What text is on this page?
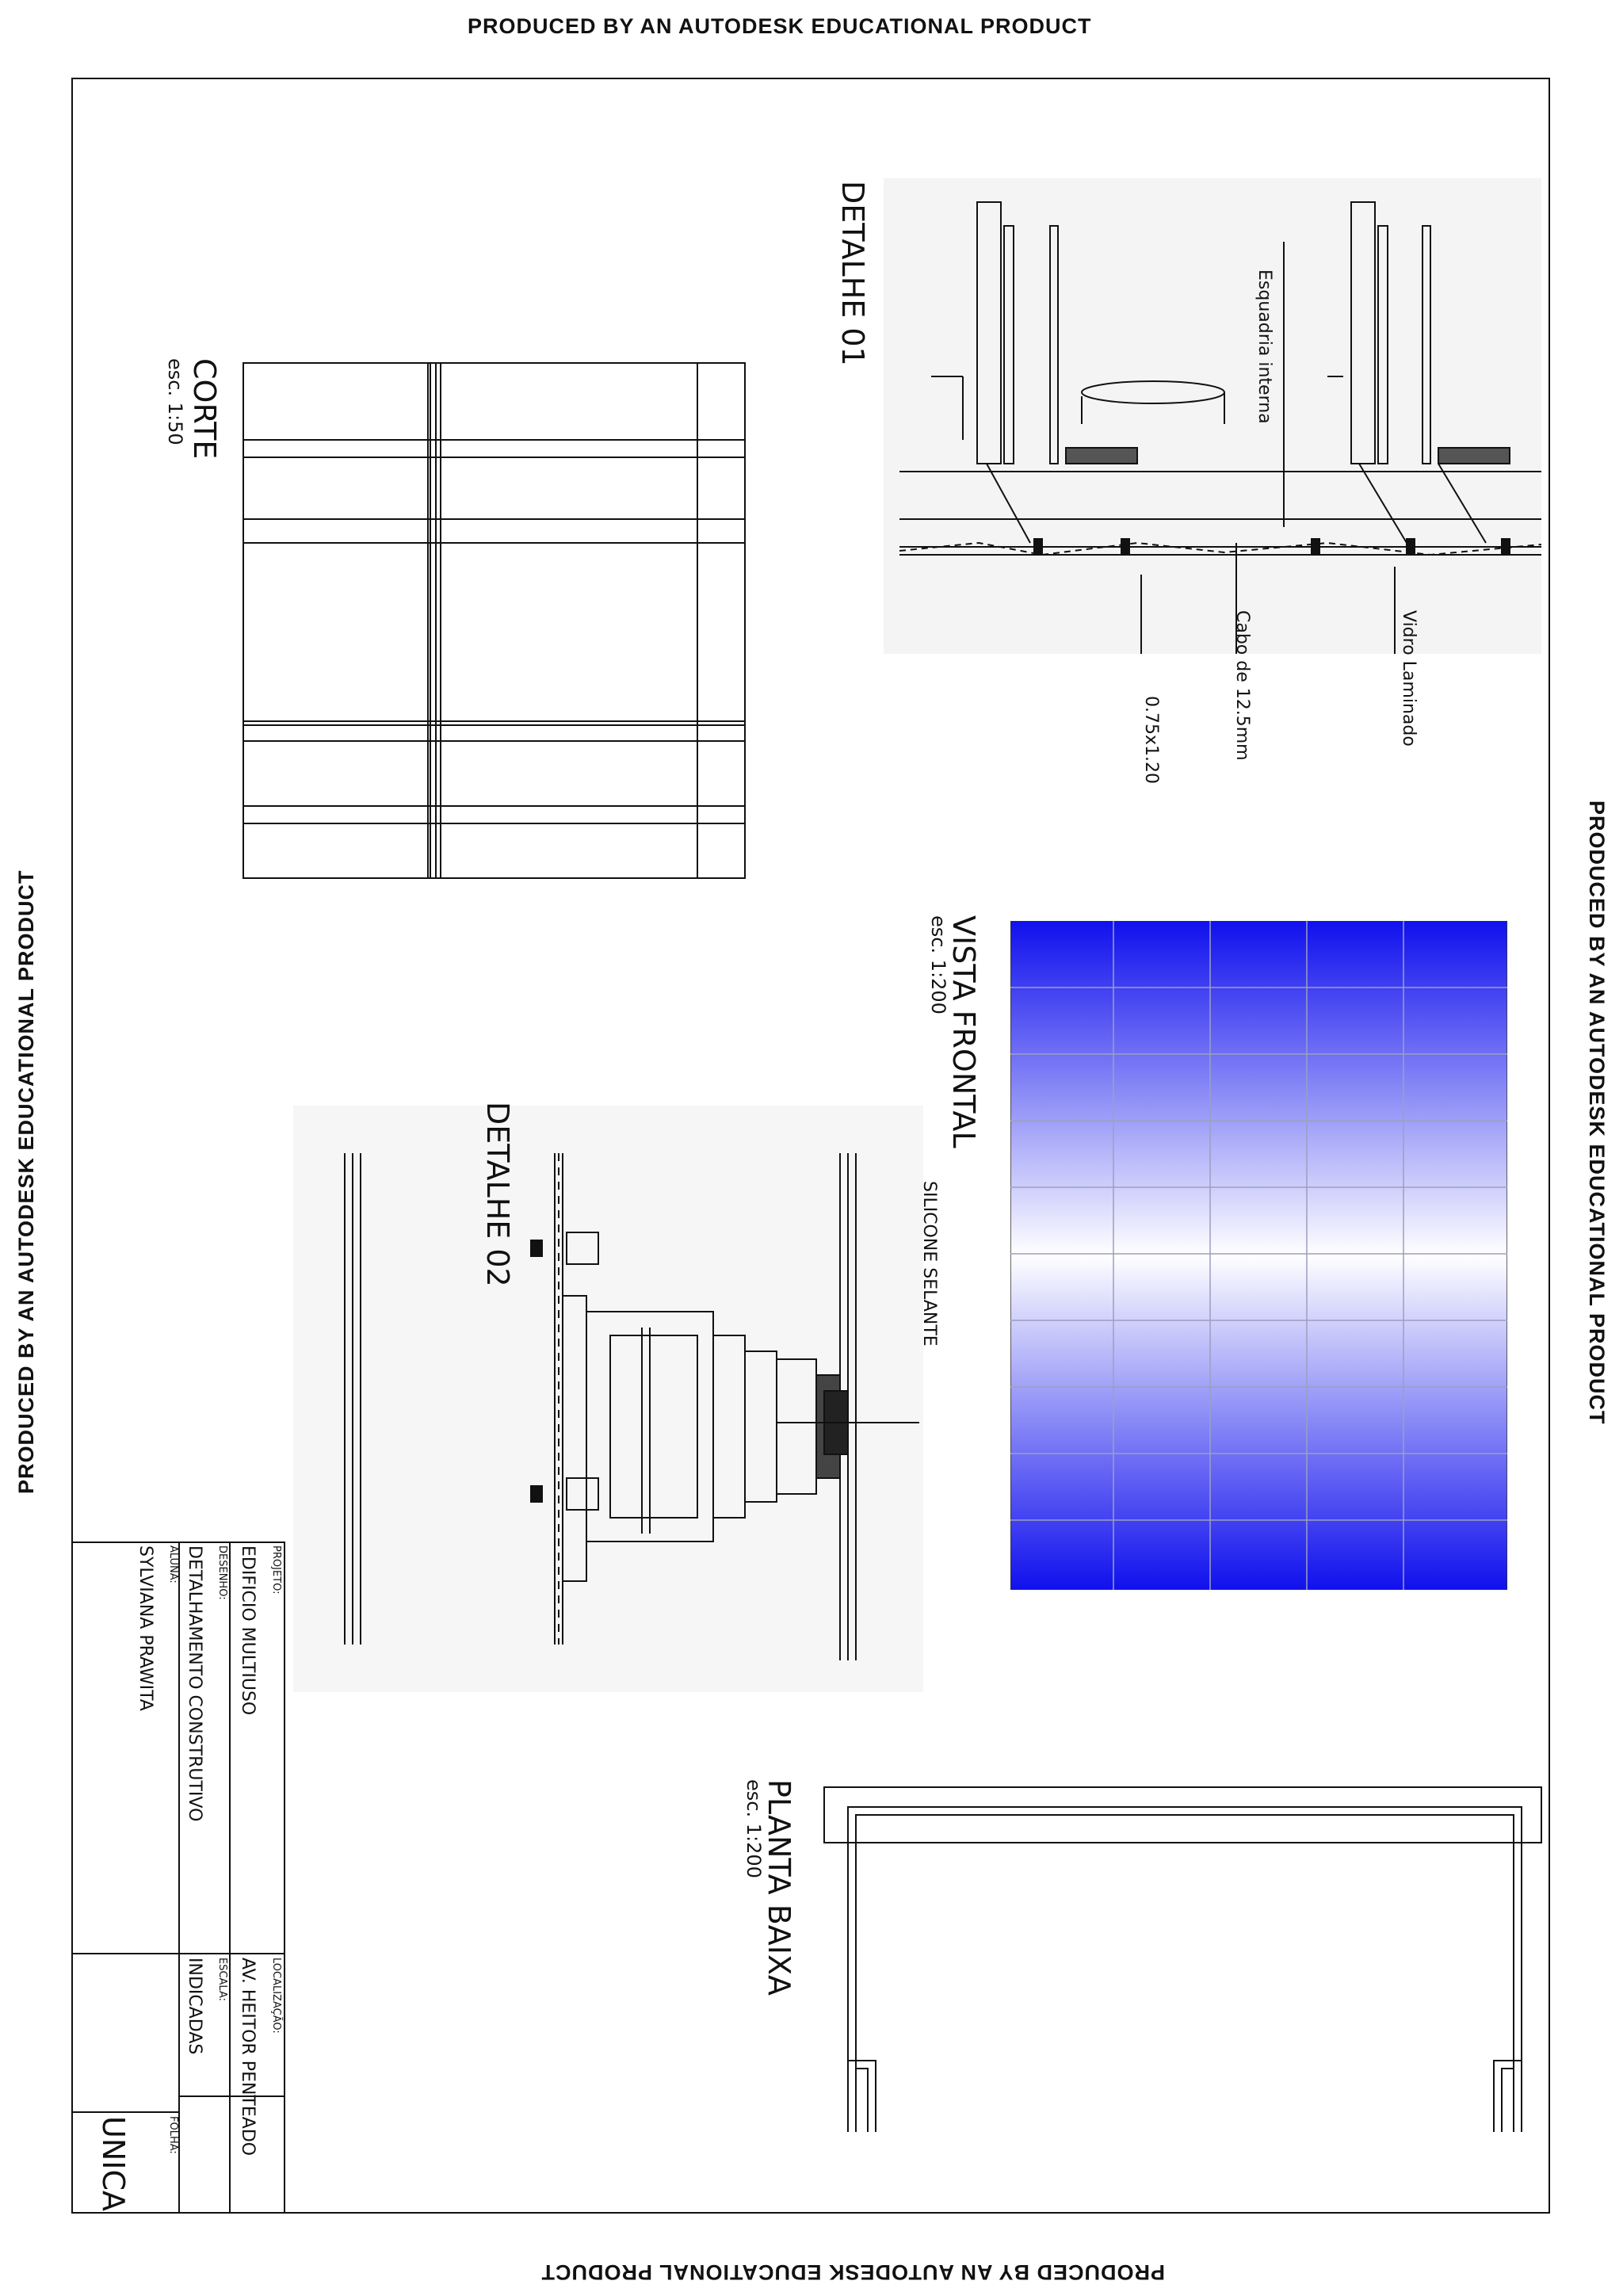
PRODUCED BY AN AUTODESK EDUCATIONAL PRODUCT
PRODUCED BY AN AUTODESK EDUCATIONAL PRODUCT
PRODUCED BY AN AUTODESK EDUCATIONAL PRODUCT	PRODUCED BY AN AUTODESK EDUCATIONAL PRODUCT
CORTE
esc. 1:50
DETALHE 01	Esquadria interna
Vidro Laminado
Cabo de 12.5mm
0.75x1.20
VISTA FRONTAL
esc. 1:200
DETALHE 02	SILICONE SELANTE
PLANTA BAIXA
esc. 1:200
PROJETO:
EDIFICIO MULTIUSO
DESENHO:
DETALHAMENTO CONSTRUTIVO
ALUNA:
SYLVIANA PRAWITA
LOCALIZAÇÃO:
AV. HEITOR PENTEADO
ESCALA:
INDICADAS
FOLHA:
UNICA
